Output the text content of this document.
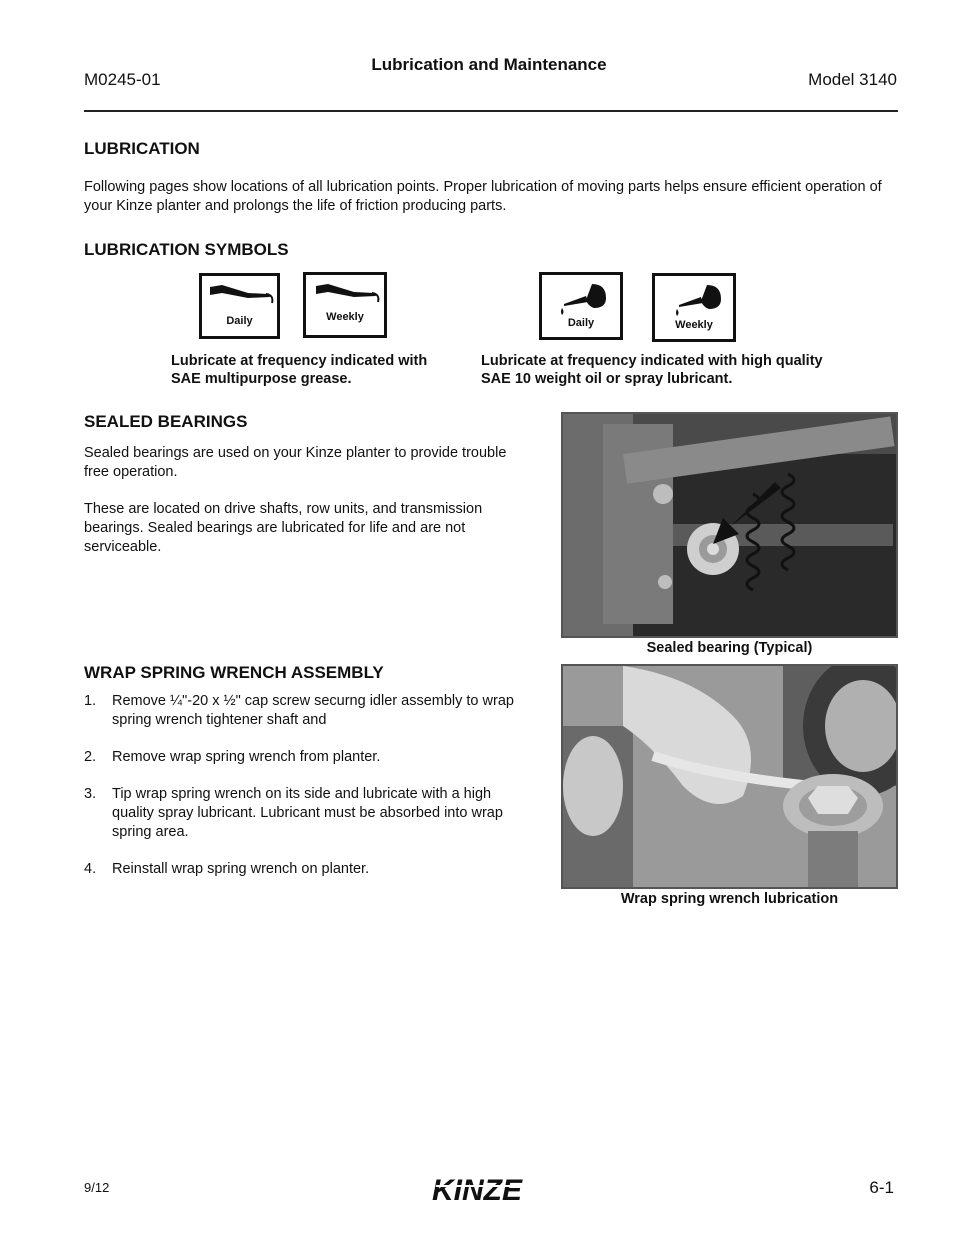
M0245-01
Lubrication and Maintenance
Model 3140
LUBRICATION

Following pages show locations of all lubrication points. Proper lubrication of moving parts helps ensure efficient operation of your Kinze planter and prolongs the life of friction producing parts.

LUBRICATION SYMBOLS
Daily	Weekly	Daily	Weekly
Lubricate at frequency indicated with SAE multipurpose grease.
Lubricate at frequency indicated with high quality SAE 10 weight oil or spray lubricant.
SEALED BEARINGS

Sealed bearings are used on your Kinze planter to provide trouble free operation.

These are located on drive shafts, row units, and transmission bearings. Sealed bearings are lubricated for life and are not serviceable.

Sealed bearing (Typical)
WRAP SPRING WRENCH ASSEMBLY
1. Remove ¼"-20 x ½" cap screw securng idler assembly to wrap spring wrench tightener shaft and
2. Remove wrap spring wrench from planter.
3. Tip wrap spring wrench on its side and lubricate with a high quality spray lubricant. Lubricant must be absorbed into wrap spring area.
4. Reinstall wrap spring wrench on planter.
Wrap spring wrench lubrication
9/12	KINZE	6-1
